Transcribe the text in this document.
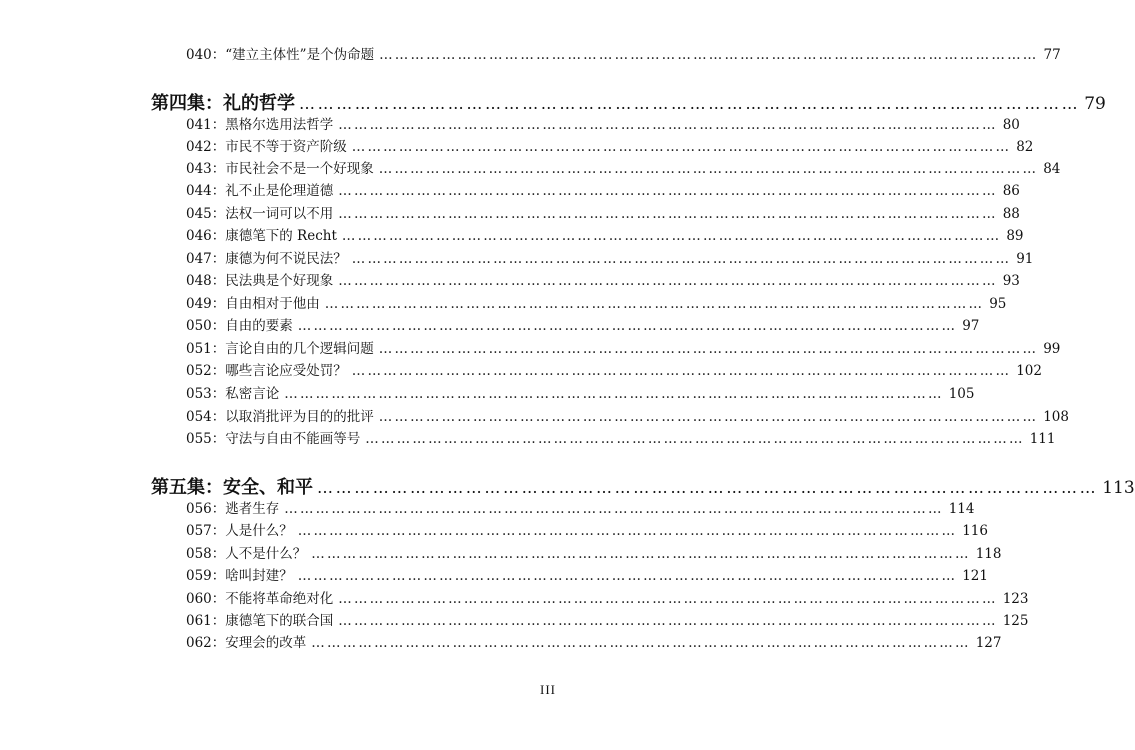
040：“建立主体性”是个伪命题 ……………………………………………………………………………………………………………… 77
第四集：礼的哲学 ……………………………………………………………………………………………………………… 79
041：黑格尔选用法哲学 ……………………………………………………………………………………………………………… 80
042：市民不等于资产阶级 ……………………………………………………………………………………………………………… 82
043：市民社会不是一个好现象 ……………………………………………………………………………………………………………… 84
044：礼不止是伦理道德 ……………………………………………………………………………………………………………… 86
045：法权一词可以不用 ……………………………………………………………………………………………………………… 88
046：康德笔下的 Recht ……………………………………………………………………………………………………………… 89
047：康德为何不说民法？ ……………………………………………………………………………………………………………… 91
048：民法典是个好现象 ……………………………………………………………………………………………………………… 93
049：自由相对于他由 ……………………………………………………………………………………………………………… 95
050：自由的要素 ……………………………………………………………………………………………………………… 97
051：言论自由的几个逻辑问题 ……………………………………………………………………………………………………………… 99
052：哪些言论应受处罚？ ……………………………………………………………………………………………………………… 102
053：私密言论 ……………………………………………………………………………………………………………… 105
054：以取消批评为目的的批评 ……………………………………………………………………………………………………………… 108
055：守法与自由不能画等号 ……………………………………………………………………………………………………………… 111
第五集：安全、和平 ……………………………………………………………………………………………………………… 113
056：逃者生存 ……………………………………………………………………………………………………………… 114
057：人是什么？ ……………………………………………………………………………………………………………… 116
058：人不是什么？ ……………………………………………………………………………………………………………… 118
059：啥叫封建？ ……………………………………………………………………………………………………………… 121
060：不能将革命绝对化 ……………………………………………………………………………………………………………… 123
061：康德笔下的联合国 ……………………………………………………………………………………………………………… 125
062：安理会的改革 ……………………………………………………………………………………………………………… 127
III
